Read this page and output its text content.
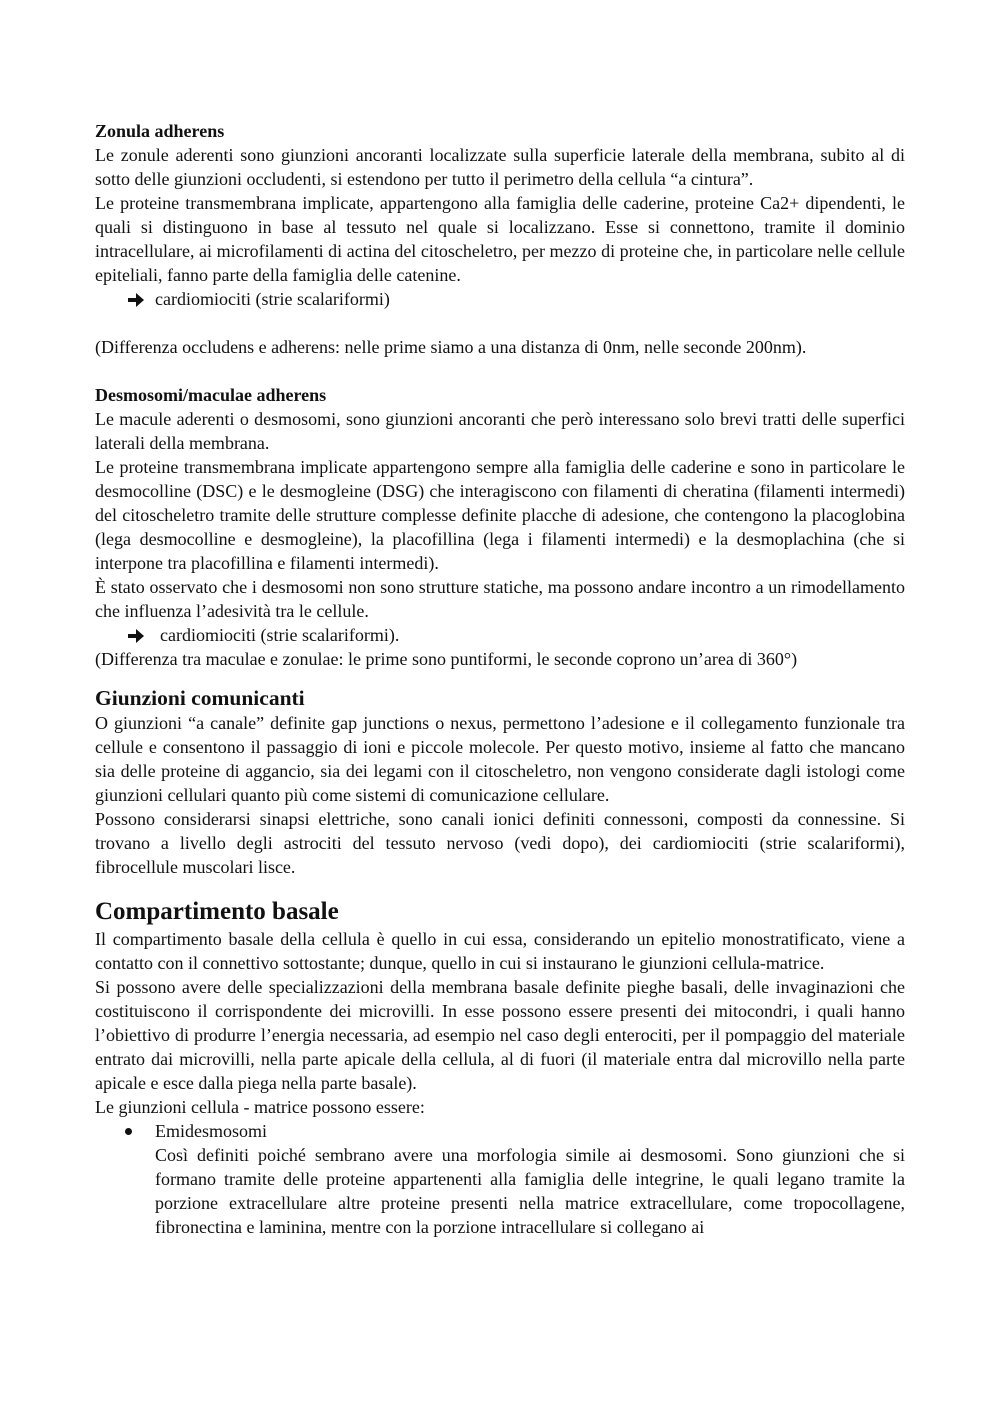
Zonula adherens

Le zonule aderenti sono giunzioni ancoranti localizzate sulla superficie laterale della membrana, subito al di sotto delle giunzioni occludenti, si estendono per tutto il perimetro della cellula “a cintura”.

Le proteine transmembrana implicate, appartengono alla famiglia delle caderine, proteine Ca2+ dipendenti, le quali si distinguono in base al tessuto nel quale si localizzano. Esse si connettono, tramite il dominio intracellulare, ai microfilamenti di actina del citoscheletro, per mezzo di proteine che, in particolare nelle cellule epiteliali, fanno parte della famiglia delle catenine.

cardiomiociti (strie scalariformi)

(Differenza occludens e adherens: nelle prime siamo a una distanza di 0nm, nelle seconde 200nm).

Desmosomi/maculae adherens

Le macule aderenti o desmosomi, sono giunzioni ancoranti che però interessano solo brevi tratti delle superfici laterali della membrana.

Le proteine transmembrana implicate appartengono sempre alla famiglia delle caderine e sono in particolare le desmocolline (DSC) e le desmogleine (DSG) che interagiscono con filamenti di cheratina (filamenti intermedi) del citoscheletro tramite delle strutture complesse definite placche di adesione, che contengono la placoglobina (lega desmocolline e desmogleine), la placofillina (lega i filamenti intermedi) e la desmoplachina (che si interpone tra placofillina e filamenti intermedi).

È stato osservato che i desmosomi non sono strutture statiche, ma possono andare incontro a un rimodellamento che influenza l’adesività tra le cellule.

cardiomiociti (strie scalariformi).

(Differenza tra maculae e zonulae: le prime sono puntiformi, le seconde coprono un’area di 360°)

Giunzioni comunicanti

O giunzioni “a canale” definite gap junctions o nexus, permettono l’adesione e il collegamento funzionale tra cellule e consentono il passaggio di ioni e piccole molecole. Per questo motivo, insieme al fatto che mancano sia delle proteine di aggancio, sia dei legami con il citoscheletro, non vengono considerate dagli istologi come giunzioni cellulari quanto più come sistemi di comunicazione cellulare.

Possono considerarsi sinapsi elettriche, sono canali ionici definiti connessoni, composti da connessine. Si trovano a livello degli astrociti del tessuto nervoso (vedi dopo), dei cardiomiociti (strie scalariformi), fibrocellule muscolari lisce.

Compartimento basale

Il compartimento basale della cellula è quello in cui essa, considerando un epitelio monostratificato, viene a contatto con il connettivo sottostante; dunque, quello in cui si instaurano le giunzioni cellula-matrice.

Si possono avere delle specializzazioni della membrana basale definite pieghe basali, delle invaginazioni che costituiscono il corrispondente dei microvilli. In esse possono essere presenti dei mitocondri, i quali hanno l’obiettivo di produrre l’energia necessaria, ad esempio nel caso degli enterociti, per il pompaggio del materiale entrato dai microvilli, nella parte apicale della cellula, al di fuori (il materiale entra dal microvillo nella parte apicale e esce dalla piega nella parte basale).

Le giunzioni cellula - matrice possono essere:

Emidesmosomi
Così definiti poiché sembrano avere una morfologia simile ai desmosomi. Sono giunzioni che si formano tramite delle proteine appartenenti alla famiglia delle integrine, le quali legano tramite la porzione extracellulare altre proteine presenti nella matrice extracellulare, come tropocollagene, fibronectina e laminina, mentre con la porzione intracellulare si collegano ai
